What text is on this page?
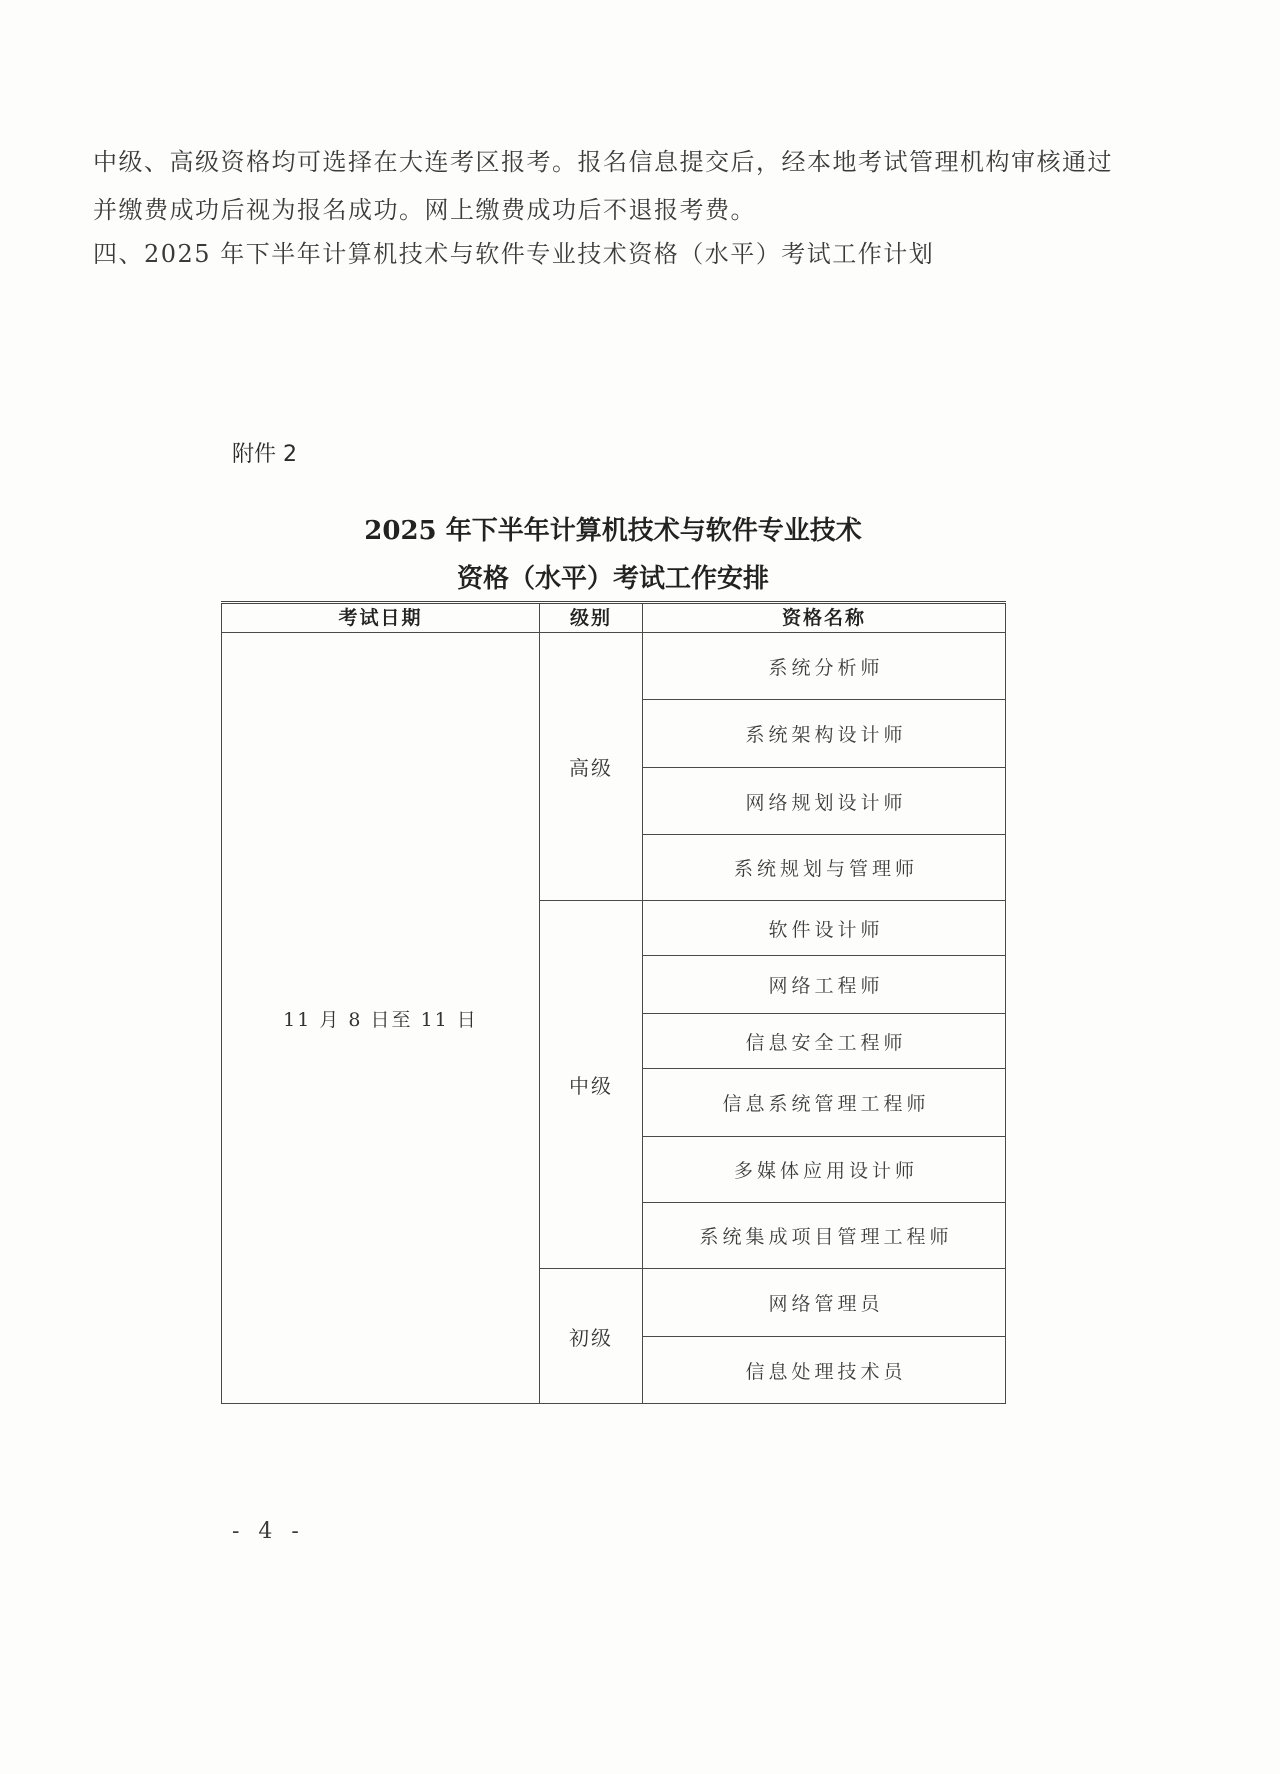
中级、高级资格均可选择在大连考区报考。报名信息提交后，经本地考试管理机构审核通过
并缴费成功后视为报名成功。网上缴费成功后不退报考费。
四、2025 年下半年计算机技术与软件专业技术资格（水平）考试工作计划
附件 2
2025 年下半年计算机技术与软件专业技术
资格（水平）考试工作安排
考试日期	级别	资格名称
11 月 8 日至 11 日	高级	系统分析师
		系统架构设计师
		网络规划设计师
		系统规划与管理师
	中级	软件设计师
		网络工程师
		信息安全工程师
		信息系统管理工程师
		多媒体应用设计师
		系统集成项目管理工程师
	初级	网络管理员
		信息处理技术员
- 4 -
